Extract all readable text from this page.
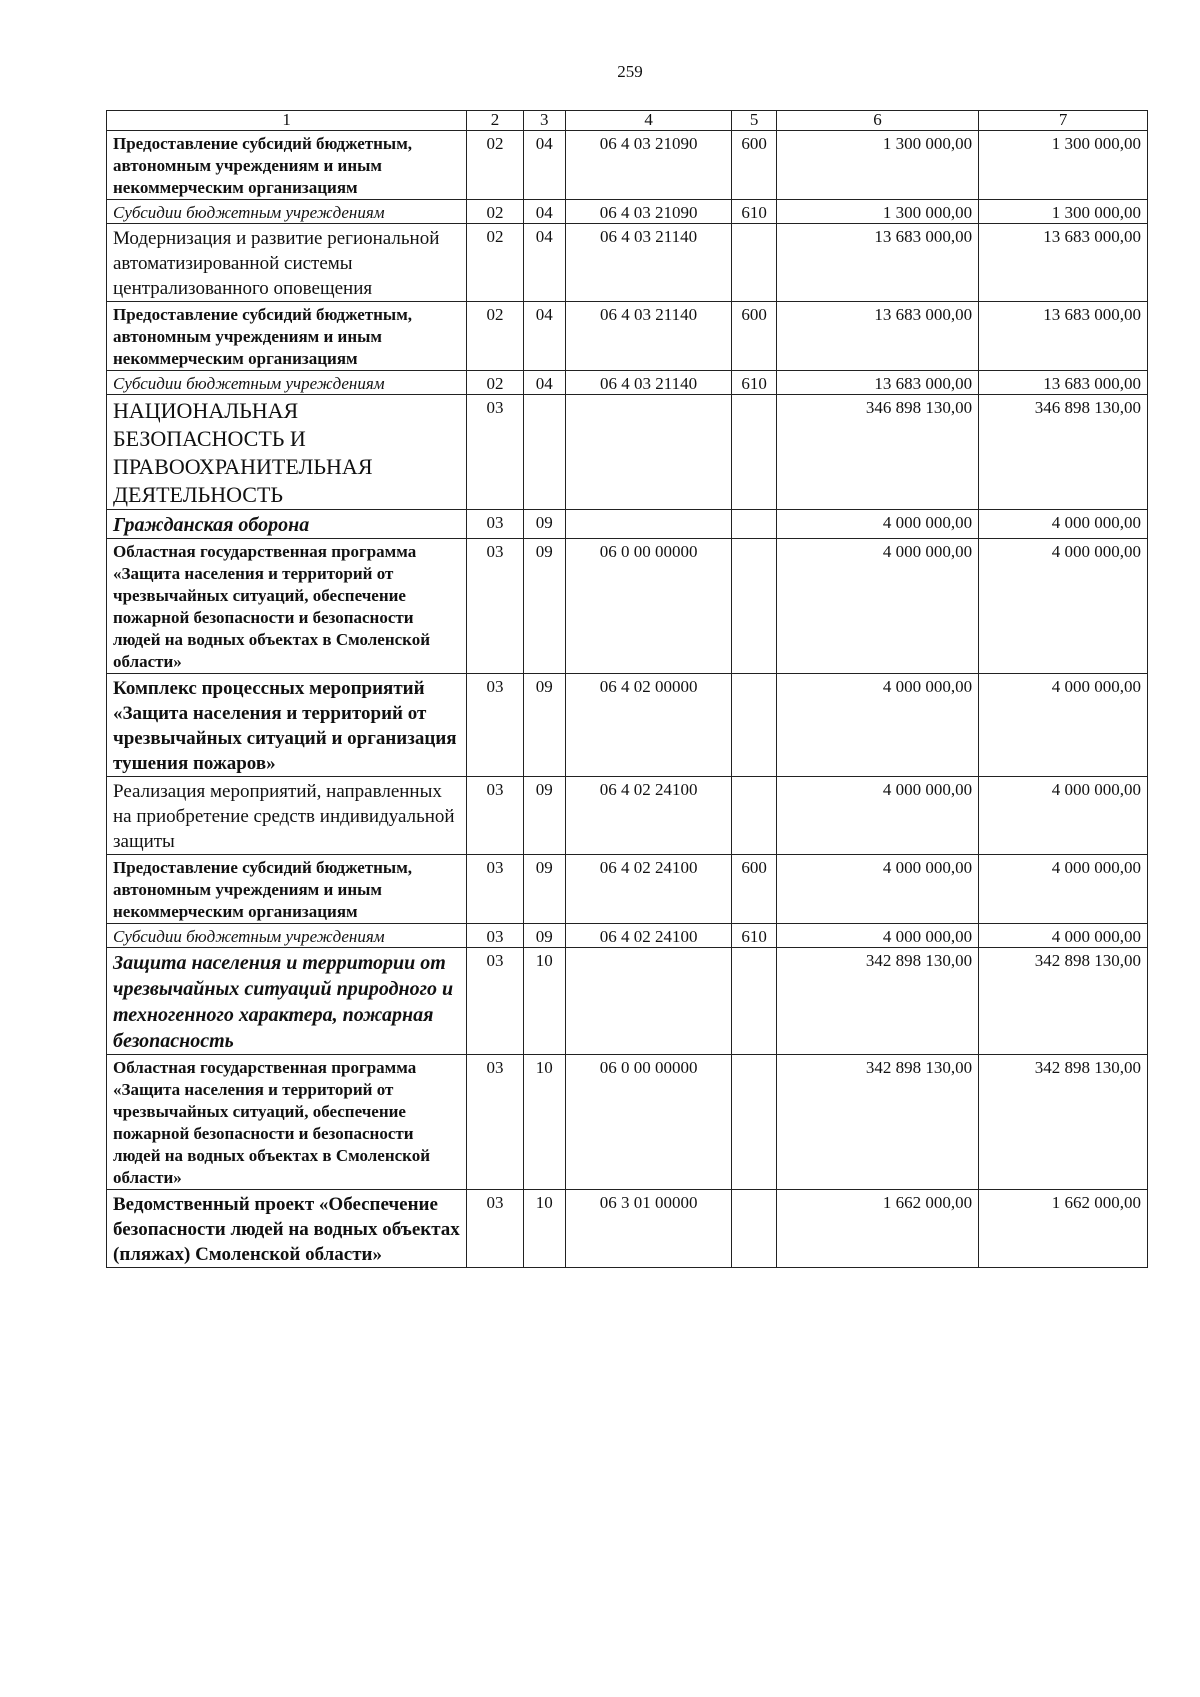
259
1	2	3	4	5	6	7
Предоставление субсидий бюджетным, автономным учреждениям и иным некоммерческим организациям	02	04	06 4 03 21090	600	1 300 000,00	1 300 000,00
Субсидии бюджетным учреждениям	02	04	06 4 03 21090	610	1 300 000,00	1 300 000,00
Модернизация и развитие региональной автоматизированной системы централизованного оповещения	02	04	06 4 03 21140		13 683 000,00	13 683 000,00
Предоставление субсидий бюджетным, автономным учреждениям и иным некоммерческим организациям	02	04	06 4 03 21140	600	13 683 000,00	13 683 000,00
Субсидии бюджетным учреждениям	02	04	06 4 03 21140	610	13 683 000,00	13 683 000,00
НАЦИОНАЛЬНАЯ БЕЗОПАСНОСТЬ И ПРАВООХРАНИТЕЛЬНАЯ ДЕЯТЕЛЬНОСТЬ	03				346 898 130,00	346 898 130,00
Гражданская оборона	03	09			4 000 000,00	4 000 000,00
Областная государственная программа «Защита населения и территорий от чрезвычайных ситуаций, обеспечение пожарной безопасности и безопасности людей на водных объектах в Смоленской области»	03	09	06 0 00 00000		4 000 000,00	4 000 000,00
Комплекс процессных мероприятий «Защита населения и территорий от чрезвычайных ситуаций и организация тушения пожаров»	03	09	06 4 02 00000		4 000 000,00	4 000 000,00
Реализация мероприятий, направленных на приобретение средств индивидуальной защиты	03	09	06 4 02 24100		4 000 000,00	4 000 000,00
Предоставление субсидий бюджетным, автономным учреждениям и иным некоммерческим организациям	03	09	06 4 02 24100	600	4 000 000,00	4 000 000,00
Субсидии бюджетным учреждениям	03	09	06 4 02 24100	610	4 000 000,00	4 000 000,00
Защита населения и территории от чрезвычайных ситуаций природного и техногенного характера, пожарная безопасность	03	10			342 898 130,00	342 898 130,00
Областная государственная программа «Защита населения и территорий от чрезвычайных ситуаций, обеспечение пожарной безопасности и безопасности людей на водных объектах в Смоленской области»	03	10	06 0 00 00000		342 898 130,00	342 898 130,00
Ведомственный проект «Обеспечение безопасности людей на водных объектах (пляжах) Смоленской области»	03	10	06 3 01 00000		1 662 000,00	1 662 000,00
